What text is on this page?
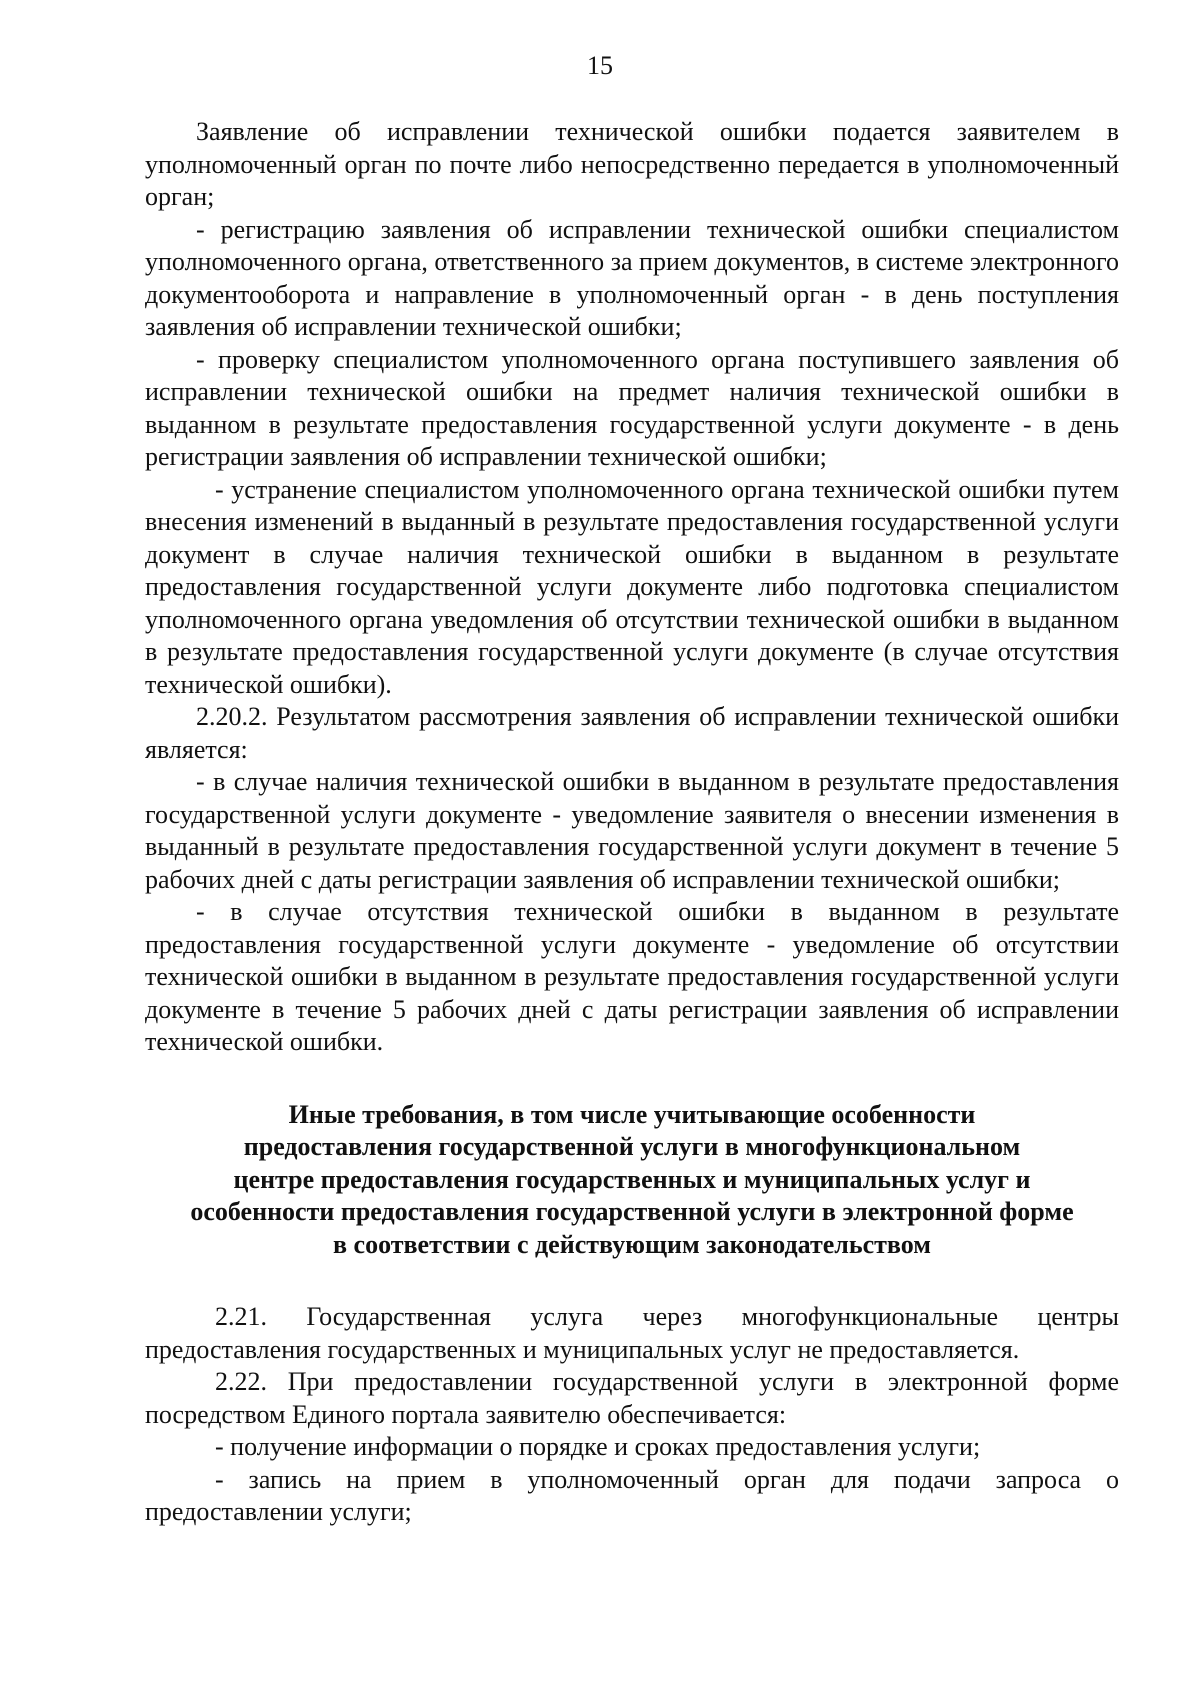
15

Заявление об исправлении технической ошибки подается заявителем в уполномоченный орган по почте либо непосредственно передается в уполномоченный орган;

- регистрацию заявления об исправлении технической ошибки специалистом уполномоченного органа, ответственного за прием документов, в системе электронного документооборота и направление в уполномоченный орган - в день поступления заявления об исправлении технической ошибки;

- проверку специалистом уполномоченного органа поступившего заявления об исправлении технической ошибки на предмет наличия технической ошибки в выданном в результате предоставления государственной услуги документе - в день регистрации заявления об исправлении технической ошибки;

- устранение специалистом уполномоченного органа технической ошибки путем внесения изменений в выданный в результате предоставления государственной услуги документ в случае наличия технической ошибки в выданном в результате предоставления государственной услуги документе либо подготовка специалистом уполномоченного органа уведомления об отсутствии технической ошибки в выданном в результате предоставления государственной услуги документе (в случае отсутствия технической ошибки).

2.20.2. Результатом рассмотрения заявления об исправлении технической ошибки является:

- в случае наличия технической ошибки в выданном в результате предоставления государственной услуги документе - уведомление заявителя о внесении изменения в выданный в результате предоставления государственной услуги документ в течение 5 рабочих дней с даты регистрации заявления об исправлении технической ошибки;

- в случае отсутствия технической ошибки в выданном в результате предоставления государственной услуги документе - уведомление об отсутствии технической ошибки в выданном в результате предоставления государственной услуги документе в течение 5 рабочих дней с даты регистрации заявления об исправлении технической ошибки.

Иные требования, в том числе учитывающие особенности
предоставления государственной услуги в многофункциональном
центре предоставления государственных и муниципальных услуг и
особенности предоставления государственной услуги в электронной форме
в соответствии с действующим законодательством

2.21. Государственная услуга через многофункциональные центры предоставления государственных и муниципальных услуг не предоставляется.

2.22. При предоставлении государственной услуги в электронной форме посредством Единого портала заявителю обеспечивается:

- получение информации о порядке и сроках предоставления услуги;

- запись на прием в уполномоченный орган для подачи запроса о предоставлении услуги;
